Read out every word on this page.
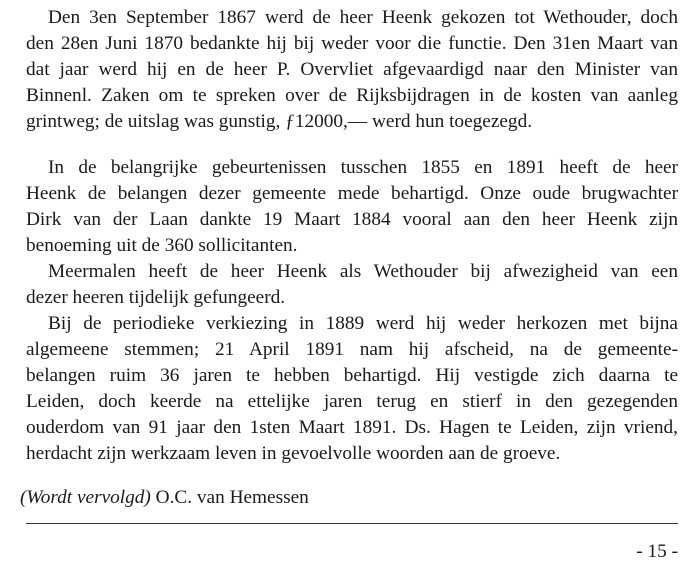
Den 3en September 1867 werd de heer Heenk gekozen tot Wethouder, doch
den 28en Juni 1870 bedankte hij bij weder voor die functie. Den 31en Maart van
dat jaar werd hij en de heer P. Overvliet afgevaardigd naar den Minister van
Binnenl. Zaken om te spreken over de Rijksbijdragen in de kosten van aanleg
grintweg; de uitslag was gunstig, ƒ12000,–– werd hun toegezegd.
In de belangrijke gebeurtenissen tusschen 1855 en 1891 heeft de heer
Heenk de belangen dezer gemeente mede behartigd. Onze oude brugwachter
Dirk van der Laan dankte 19 Maart 1884 vooral aan den heer Heenk zijn
benoeming uit de 360 sollicitanten.
Meermalen heeft de heer Heenk als Wethouder bij afwezigheid van een
dezer heeren tijdelijk gefungeerd.
Bij de periodieke verkiezing in 1889 werd hij weder herkozen met bijna
algemeene stemmen; 21 April 1891 nam hij afscheid, na de gemeente-
belangen ruim 36 jaren te hebben behartigd. Hij vestigde zich daarna te
Leiden, doch keerde na ettelijke jaren terug en stierf in den gezegenden
ouderdom van 91 jaar den 1sten Maart 1891. Ds. Hagen te Leiden, zijn vriend,
herdacht zijn werkzaam leven in gevoelvolle woorden aan de groeve.
(Wordt vervolgd) O.C. van Hemessen
- 15 -
